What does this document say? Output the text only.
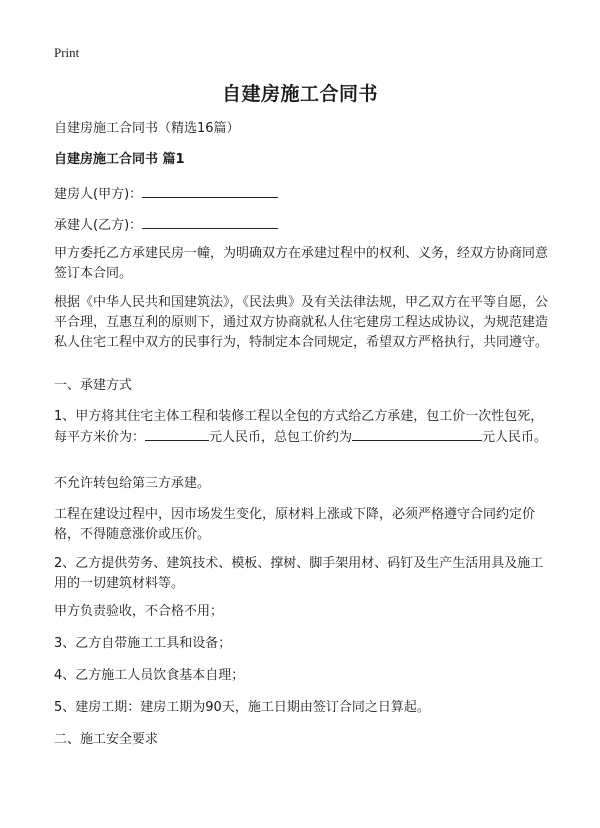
Print
自建房施工合同书

自建房施工合同书（精选16篇）

自建房施工合同书 篇1

建房人(甲方)：

承建人(乙方)：

甲方委托乙方承建民房一幢，为明确双方在承建过程中的权利、义务，经双方协商同意签订本合同。

根据《中华人民共和国建筑法》，《民法典》及有关法律法规，甲乙双方在平等自愿，公平合理，互惠互利的原则下，通过双方协商就私人住宅建房工程达成协议，为规范建造私人住宅工程中双方的民事行为，特制定本合同规定，希望双方严格执行，共同遵守。

一、承建方式

1、甲方将其住宅主体工程和装修工程以全包的方式给乙方承建，包工价一次性包死，每平方米价为：	元人民币，总包工价约为	元人民币。

不允许转包给第三方承建。

工程在建设过程中，因市场发生变化，原材料上涨或下降，必须严格遵守合同约定价格，不得随意涨价或压价。

2、乙方提供劳务、建筑技术、模板、撑树、脚手架用材、码钉及生产生活用具及施工用的一切建筑材料等。

甲方负责验收，不合格不用；

3、乙方自带施工工具和设备；

4、乙方施工人员饮食基本自理；

5、建房工期：建房工期为90天，施工日期由签订合同之日算起。

二、施工安全要求
